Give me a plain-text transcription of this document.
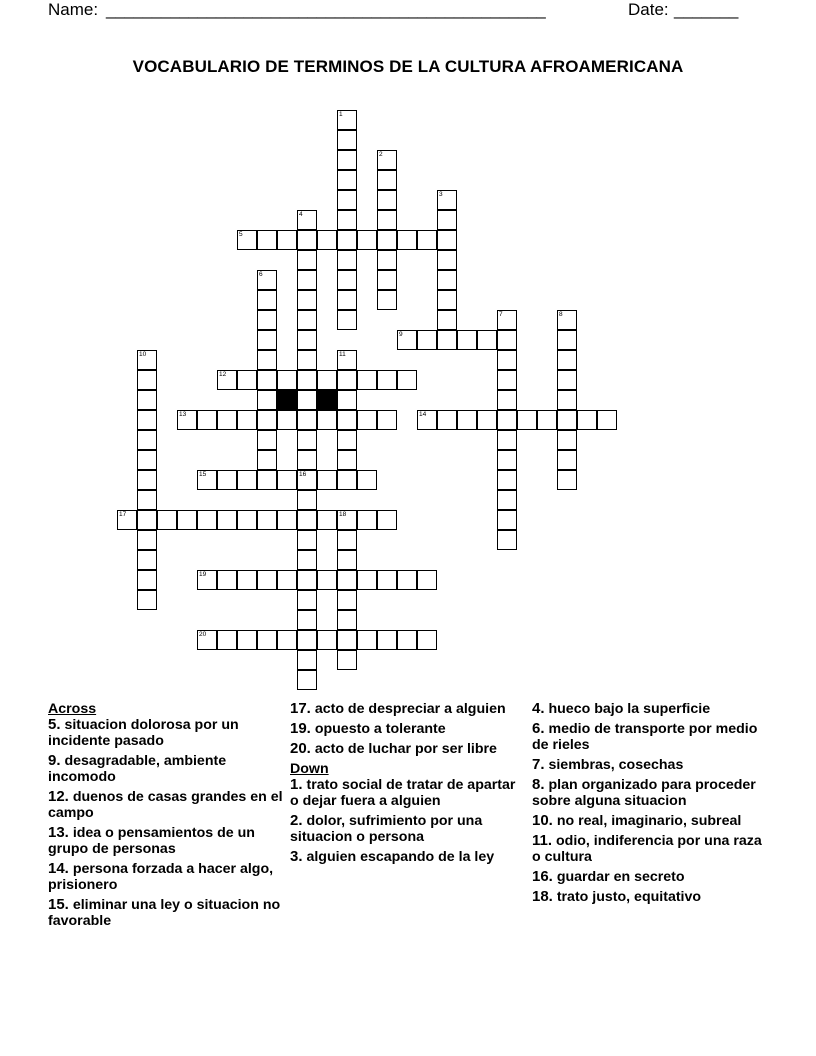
Name: ________________________________________________	Date: _______
VOCABULARIO DE TERMINOS DE LA CULTURA AFROAMERICANA
1
2
3
4
5
6
7	8
9
10	11
12
13	14
15	16
17	18
19
20
Across
5. situacion dolorosa por un incidente pasado
9. desagradable, ambiente incomodo
12. duenos de casas grandes en el campo
13. idea o pensamientos de un grupo de personas
14. persona forzada a hacer algo, prisionero
15. eliminar una ley o situacion no favorable
17. acto de despreciar a alguien
19. opuesto a tolerante
20. acto de luchar por ser libre
Down
1. trato social de tratar de apartar o dejar fuera a alguien
2. dolor, sufrimiento por una situacion o persona
3. alguien escapando de la ley
4. hueco bajo la superficie
6. medio de transporte por medio de rieles
7. siembras, cosechas
8. plan organizado para proceder sobre alguna situacion
10. no real, imaginario, subreal
11. odio, indiferencia por una raza o cultura
16. guardar en secreto
18. trato justo, equitativo
